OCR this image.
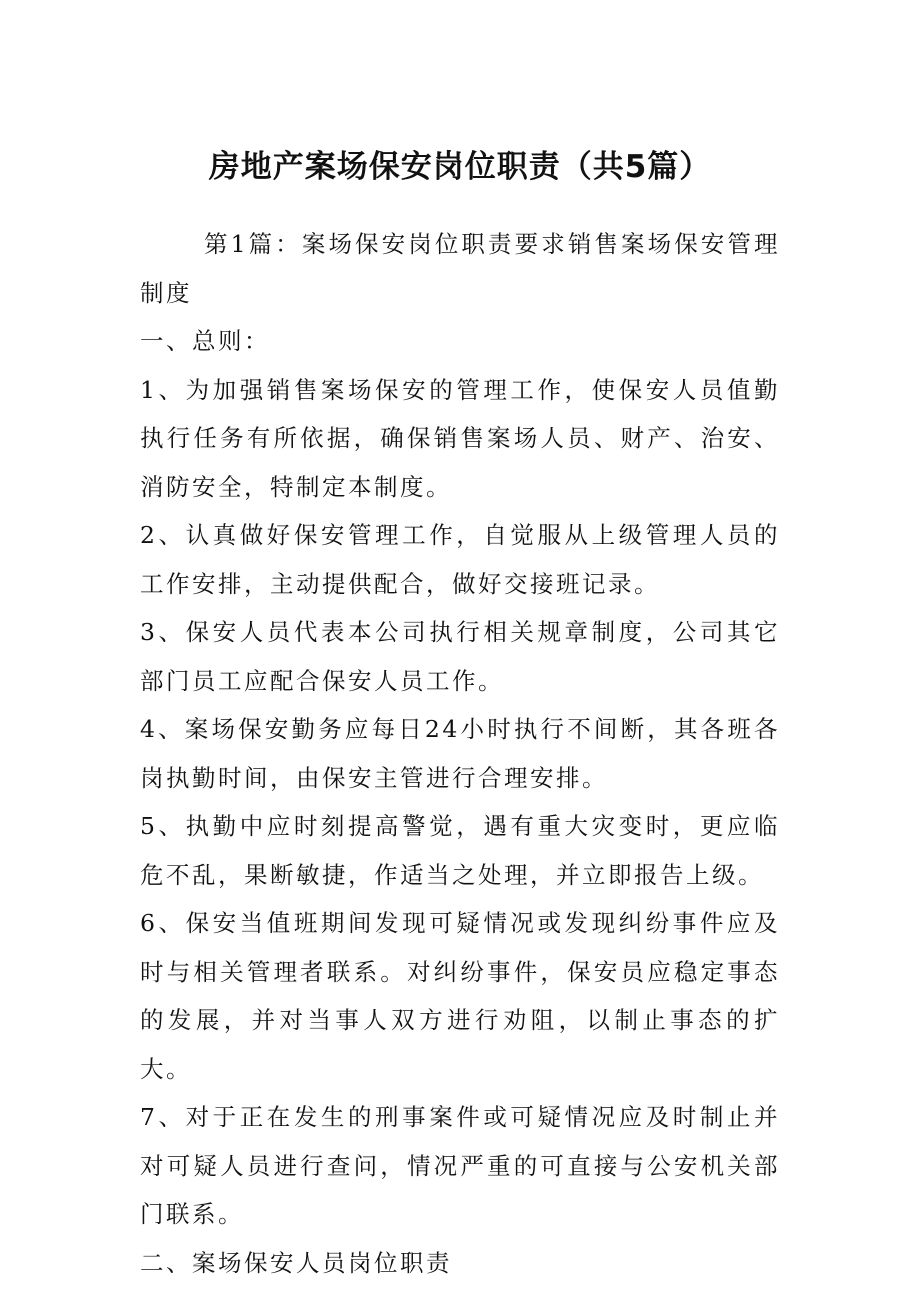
房地产案场保安岗位职责（共5篇）

第1篇：案场保安岗位职责要求销售案场保安管理制度

一、总则：

1、为加强销售案场保安的管理工作，使保安人员值勤执行任务有所依据，确保销售案场人员、财产、治安、消防安全，特制定本制度。

2、认真做好保安管理工作，自觉服从上级管理人员的工作安排，主动提供配合，做好交接班记录。

3、保安人员代表本公司执行相关规章制度，公司其它部门员工应配合保安人员工作。

4、案场保安勤务应每日24小时执行不间断，其各班各岗执勤时间，由保安主管进行合理安排。

5、执勤中应时刻提高警觉，遇有重大灾变时，更应临危不乱，果断敏捷，作适当之处理，并立即报告上级。

6、保安当值班期间发现可疑情况或发现纠纷事件应及时与相关管理者联系。对纠纷事件，保安员应稳定事态的发展，并对当事人双方进行劝阻，以制止事态的扩大。

7、对于正在发生的刑事案件或可疑情况应及时制止并对可疑人员进行查问，情况严重的可直接与公安机关部门联系。

二、案场保安人员岗位职责
